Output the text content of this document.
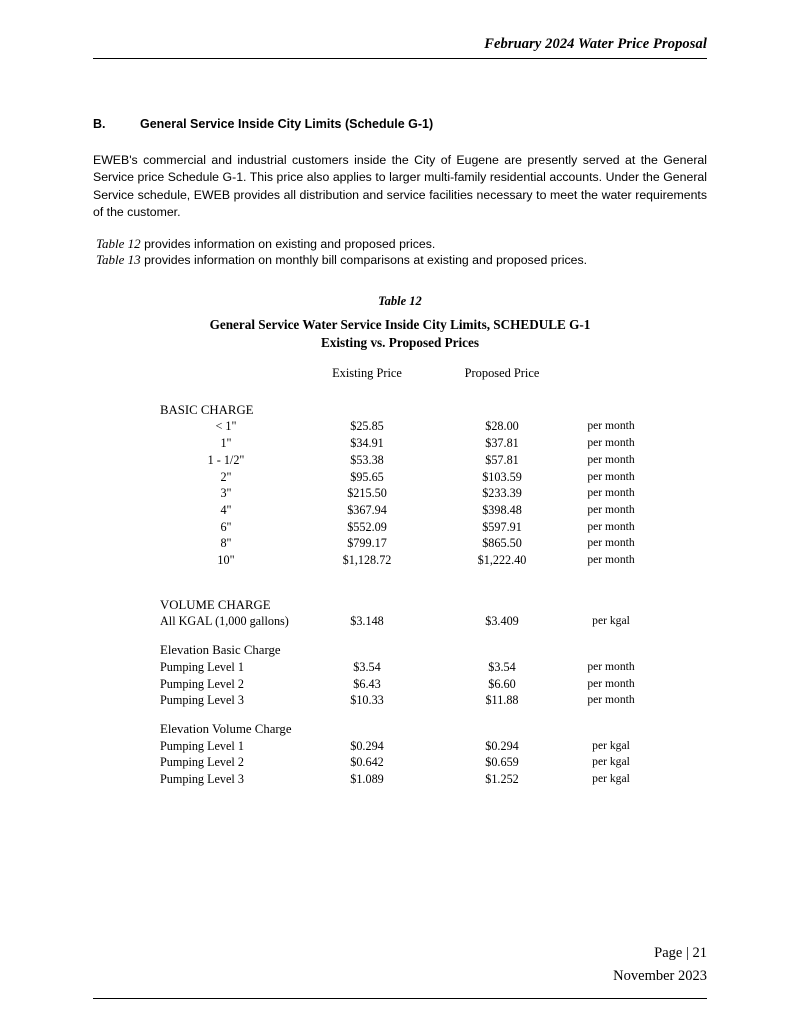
February 2024 Water Price Proposal
B.	General Service Inside City Limits (Schedule G-1)
EWEB's commercial and industrial customers inside the City of Eugene are presently served at the General Service price Schedule G-1. This price also applies to larger multi-family residential accounts. Under the General Service schedule, EWEB provides all distribution and service facilities necessary to meet the water requirements of the customer.
Table 12 provides information on existing and proposed prices.
Table 13 provides information on monthly bill comparisons at existing and proposed prices.
Table 12
General Service Water Service Inside City Limits, SCHEDULE G-1
Existing vs. Proposed Prices
	Existing Price	Proposed Price	
BASIC CHARGE			
< 1"	$25.85	$28.00	per month
1"	$34.91	$37.81	per month
1 - 1/2"	$53.38	$57.81	per month
2"	$95.65	$103.59	per month
3"	$215.50	$233.39	per month
4"	$367.94	$398.48	per month
6"	$552.09	$597.91	per month
8"	$799.17	$865.50	per month
10"	$1,128.72	$1,222.40	per month

VOLUME CHARGE			
All KGAL (1,000 gallons)	$3.148	$3.409	per kgal

Elevation Basic Charge			
Pumping Level 1	$3.54	$3.54	per month
Pumping Level 2	$6.43	$6.60	per month
Pumping Level 3	$10.33	$11.88	per month

Elevation Volume Charge			
Pumping Level 1	$0.294	$0.294	per kgal
Pumping Level 2	$0.642	$0.659	per kgal
Pumping Level 3	$1.089	$1.252	per kgal
Page | 21
November 2023
